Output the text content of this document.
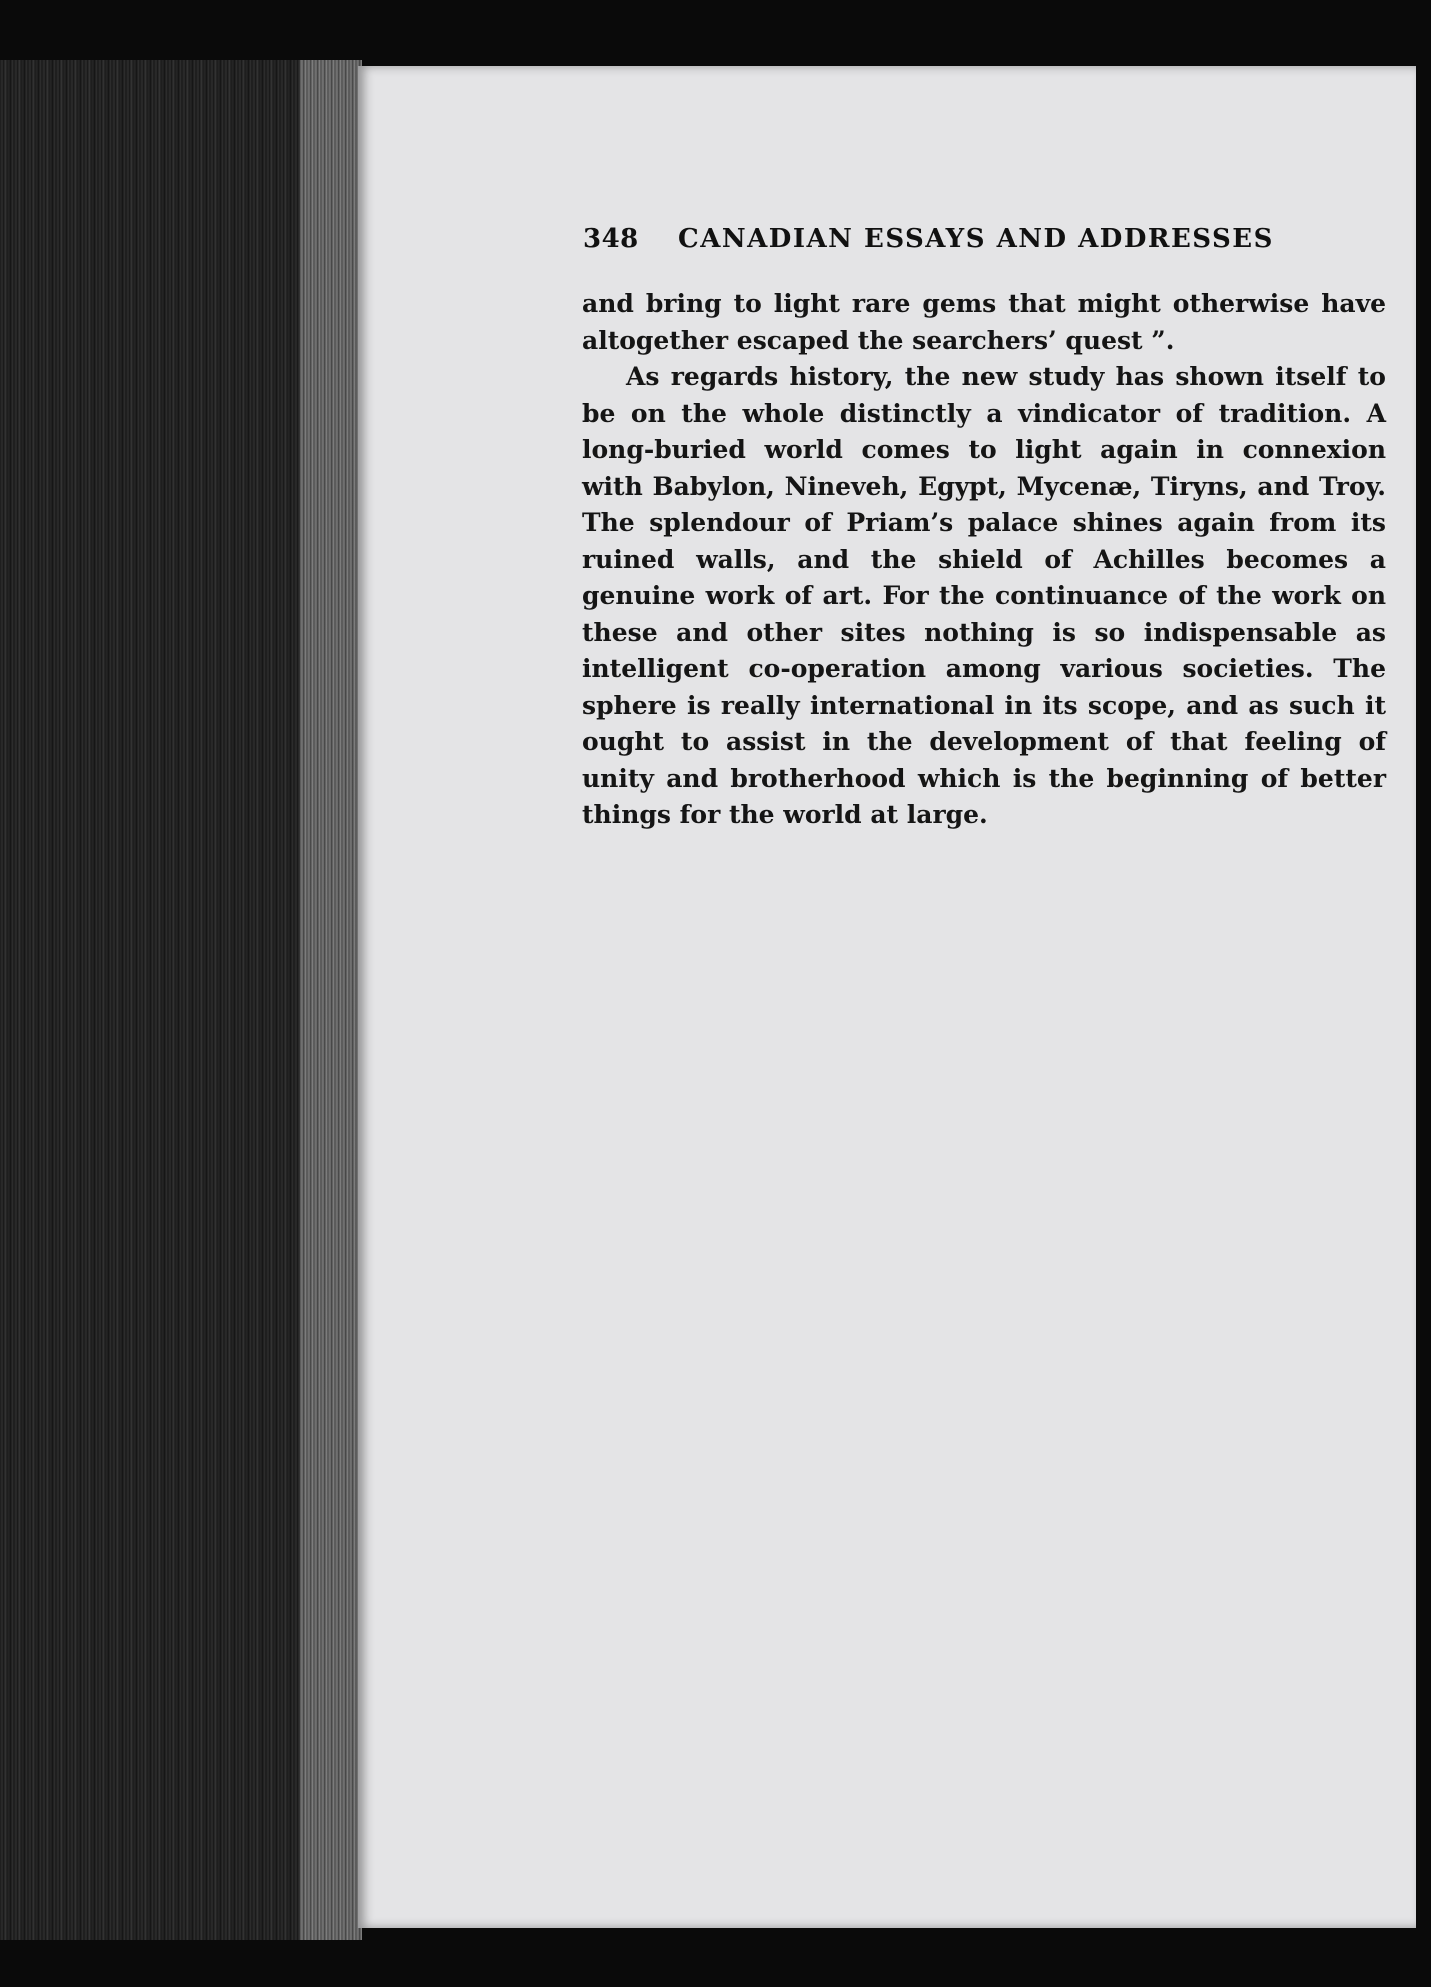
348 CANADIAN ESSAYS AND ADDRESSES

and bring to light rare gems that might otherwise have altogether escaped the searchers’ quest ”.

As regards history, the new study has shown itself to be on the whole distinctly a vindicator of tradition. A long-buried world comes to light again in connexion with Babylon, Nineveh, Egypt, Mycenæ, Tiryns, and Troy. The splendour of Priam’s palace shines again from its ruined walls, and the shield of Achilles becomes a genuine work of art. For the continuance of the work on these and other sites nothing is so indispensable as intelligent co-operation among various societies. The sphere is really international in its scope, and as such it ought to assist in the development of that feeling of unity and brotherhood which is the beginning of better things for the world at large.
